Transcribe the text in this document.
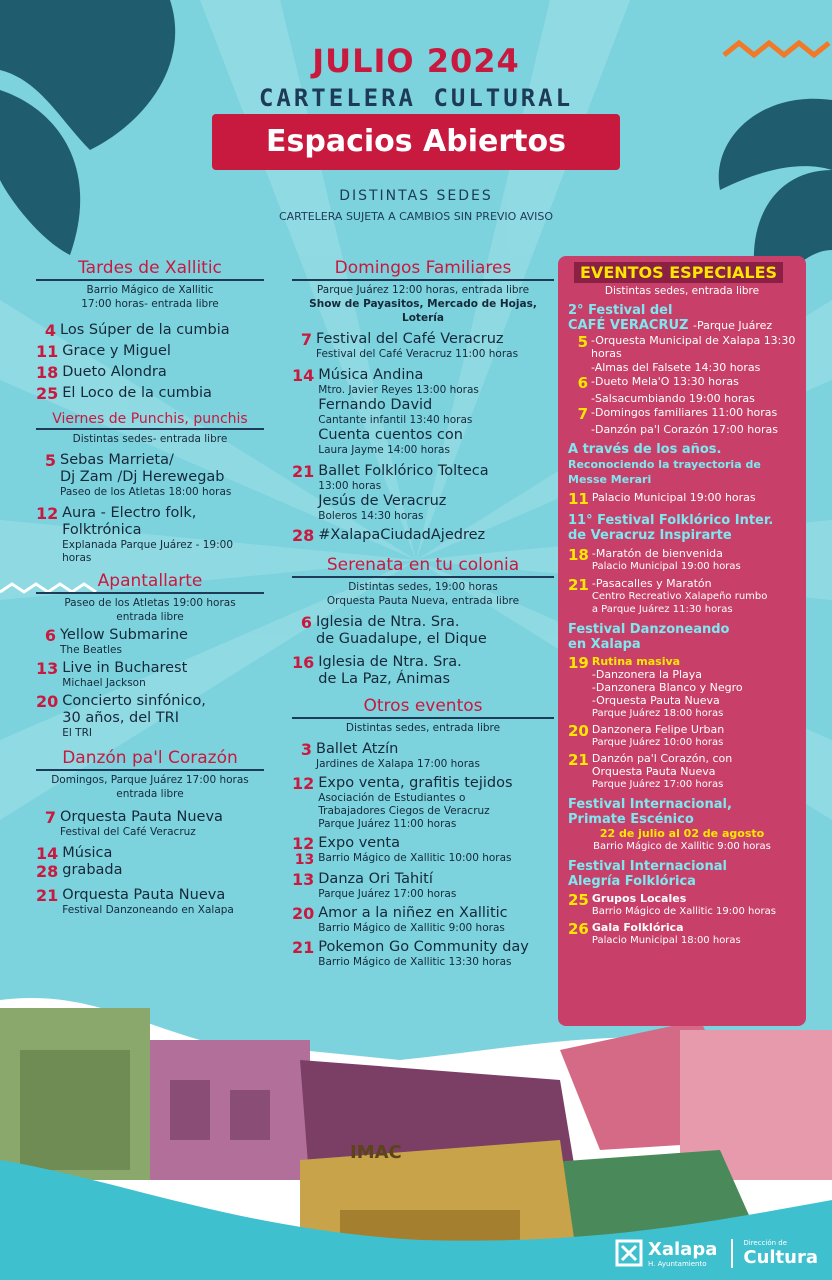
IMAC
JULIO 2024
CARTELERA CULTURAL
Espacios Abiertos
DISTINTAS SEDES
CARTELERA SUJETA A CAMBIOS SIN PREVIO AVISO
Tardes de Xallitic
Barrio Mágico de Xallitic
17:00 horas- entrada libre
4 Los Súper de la cumbia
11 Grace y Miguel
18 Dueto Alondra
25 El Loco de la cumbia
Viernes de Punchis, punchis
Distintas sedes- entrada libre
5 Sebas Marrieta/
Dj Zam /Dj Herewegab
Paseo de los Atletas 18:00 horas
12 Aura - Electro folk,
Folktrónica
Explanada Parque Juárez - 19:00 horas
Apantallarte
Paseo de los Atletas 19:00 horas
entrada libre
6 Yellow Submarine
The Beatles
13 Live in Bucharest
Michael Jackson
20 Concierto sinfónico,
30 años, del TRI
El TRI
Danzón pa'l Corazón
Domingos, Parque Juárez 17:00 horas
entrada libre
7 Orquesta Pauta Nueva
Festival del Café Veracruz
14
28
Música
grabada
21 Orquesta Pauta Nueva
Festival Danzoneando en Xalapa
Domingos Familiares
Parque Juárez 12:00 horas, entrada libre
Show de Payasitos, Mercado de Hojas, Lotería
7 Festival del Café Veracruz
Festival del Café Veracruz 11:00 horas
14 Música Andina
Mtro. Javier Reyes 13:00 horas
Fernando David
Cantante infantil 13:40 horas
Cuenta cuentos con
Laura Jayme 14:00 horas
21 Ballet Folklórico Tolteca
13:00 horas
Jesús de Veracruz
Boleros 14:30 horas
28 #XalapaCiudadAjedrez
Serenata en tu colonia
Distintas sedes, 19:00 horas
Orquesta Pauta Nueva, entrada libre
6 Iglesia de Ntra. Sra.
de Guadalupe, el Dique
16 Iglesia de Ntra. Sra.
de La Paz, Ánimas
Otros eventos
Distintas sedes, entrada libre
3 Ballet Atzín
Jardines de Xalapa 17:00 horas
12 Expo venta, grafitis tejidos
Asociación de Estudiantes o
Trabajadores Ciegos de Veracruz
Parque Juárez 11:00 horas
12
13
Expo venta
Barrio Mágico de Xallitic 10:00 horas
13 Danza Ori Tahití
Parque Juárez 17:00 horas
20 Amor a la niñez en Xallitic
Barrio Mágico de Xallitic 9:00 horas
21 Pokemon Go Community day
Barrio Mágico de Xallitic 13:30 horas
EVENTOS ESPECIALES
Distintas sedes, entrada libre
2° Festival del
CAFÉ VERACRUZ -Parque Juárez
5 -Orquesta Municipal de Xalapa 13:30 horas
-Almas del Falsete 14:30 horas
6 -Dueto Mela'O 13:30 horas
-Salsacumbiando 19:00 horas
7 -Domingos familiares 11:00 horas
-Danzón pa'l Corazón 17:00 horas
A través de los años.
Reconociendo la trayectoria de
Messe Merari
11 Palacio Municipal 19:00 horas
11° Festival Folklórico Inter.
de Veracruz Inspirarte
18 -Maratón de bienvenida
Palacio Municipal 19:00 horas
21 -Pasacalles y Maratón
Centro Recreativo Xalapeño rumbo
a Parque Juárez 11:30 horas
Festival Danzoneando
en Xalapa
19 Rutina masiva
-Danzonera la Playa
-Danzonera Blanco y Negro
-Orquesta Pauta Nueva
Parque Juárez 18:00 horas
20 Danzonera Felipe Urban
Parque Juárez 10:00 horas
21 Danzón pa'l Corazón, con
Orquesta Pauta Nueva
Parque Juárez 17:00 horas
Festival Internacional,
Primate Escénico
22 de julio al 02 de agosto
Barrio Mágico de Xallitic 9:00 horas
Festival Internacional
Alegría Folklórica
25 Grupos Locales
Barrio Mágico de Xallitic 19:00 horas
26 Gala Folklórica
Palacio Municipal 18:00 horas
Xalapa
H. Ayuntamiento
Dirección de
Cultura
